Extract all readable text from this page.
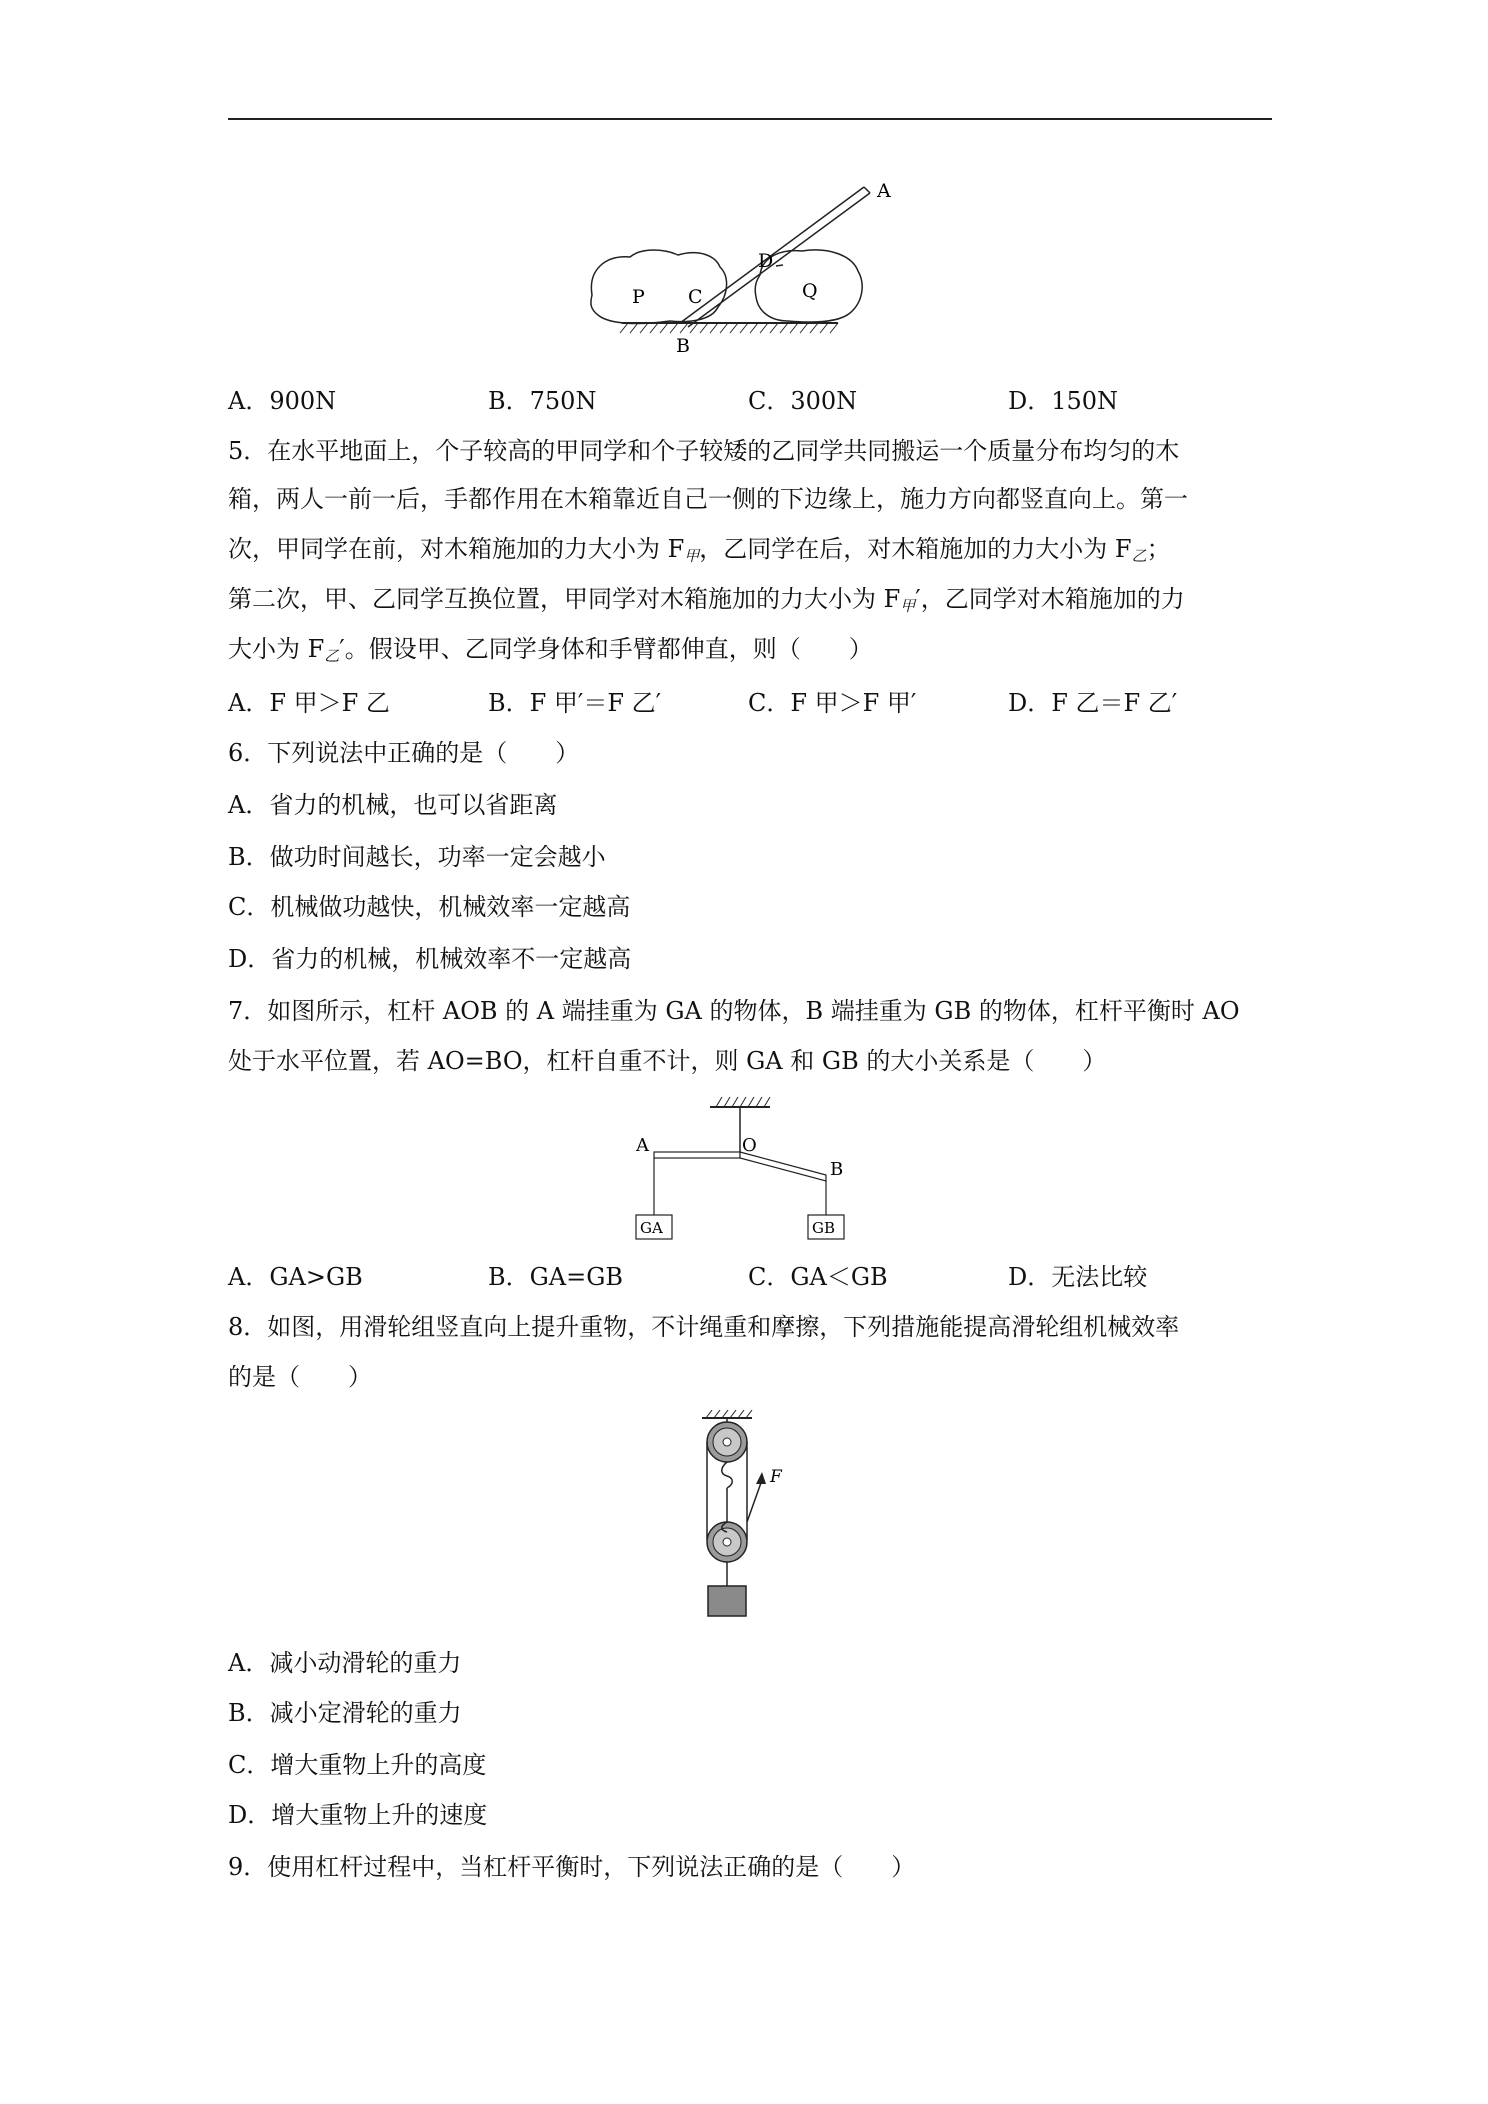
A
B
C
D
P	Q
A．900N	B．750N	C．300N	D．150N
5．在水平地面上，个子较高的甲同学和个子较矮的乙同学共同搬运一个质量分布均匀的木
箱，两人一前一后，手都作用在木箱靠近自己一侧的下边缘上，施力方向都竖直向上。第一
次，甲同学在前，对木箱施加的力大小为 $F_甲$，乙同学在后，对木箱施加的力大小为 $F_乙$；
第二次，甲、乙同学互换位置，甲同学对木箱施加的力大小为 $F_甲'$，乙同学对木箱施加的力
大小为 $F_乙'$。假设甲、乙同学身体和手臂都伸直，则（　　）
A．F 甲＞F 乙	B．F 甲′＝F 乙′	C．F 甲＞F 甲′	D．F 乙＝F 乙′
6．下列说法中正确的是（　　）
A．省力的机械，也可以省距离
B．做功时间越长，功率一定会越小
C．机械做功越快，机械效率一定越高
D．省力的机械，机械效率不一定越高
7．如图所示，杠杆 AOB 的 A 端挂重为 GA 的物体，B 端挂重为 GB 的物体，杠杆平衡时 AO
处于水平位置，若 AO=BO，杠杆自重不计，则 GA 和 GB 的大小关系是（　　）
A	O
B
GA	GB
A．GA>GB	B．GA=GB	C．GA＜GB	D．无法比较
8．如图，用滑轮组竖直向上提升重物，不计绳重和摩擦，下列措施能提高滑轮组机械效率
的是（　　）
F
A．减小动滑轮的重力
B．减小定滑轮的重力
C．增大重物上升的高度
D．增大重物上升的速度
9．使用杠杆过程中，当杠杆平衡时，下列说法正确的是（　　）
